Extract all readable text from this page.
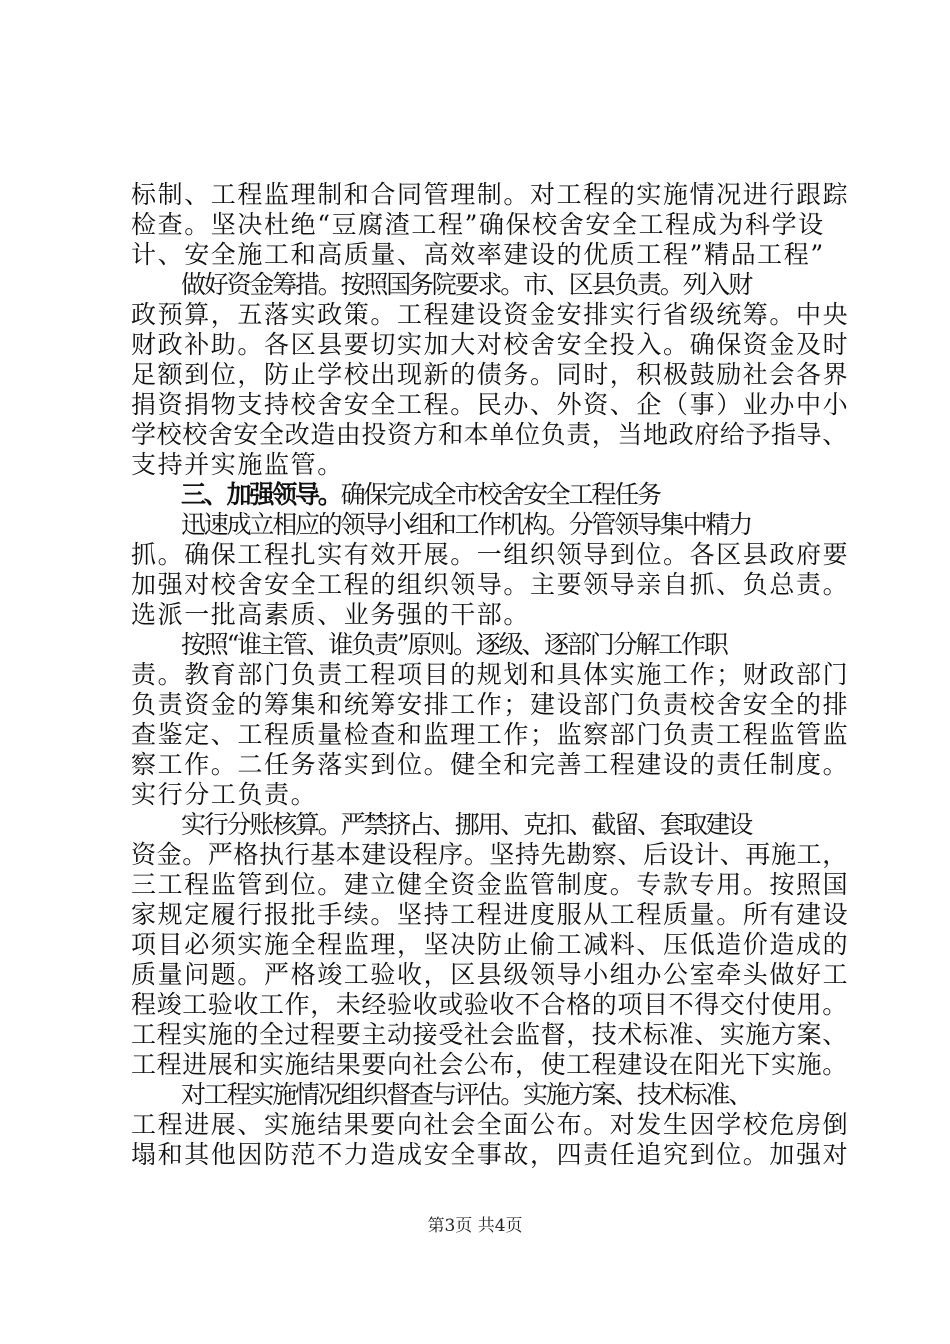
标制、工程监理制和合同管理制。对工程的实施情况进行跟踪
检查。坚决杜绝“豆腐渣工程”确保校舍安全工程成为科学设
计、安全施工和高质量、高效率建设的优质工程”精品工程”
做好资金筹措。按照国务院要求。市、区县负责。列入财
政预算，五落实政策。工程建设资金安排实行省级统筹。中央
财政补助。各区县要切实加大对校舍安全投入。确保资金及时
足额到位，防止学校出现新的债务。同时，积极鼓励社会各界
捐资捐物支持校舍安全工程。民办、外资、企（事）业办中小
学校校舍安全改造由投资方和本单位负责，当地政府给予指导、
支持并实施监管。
三、加强领导。确保完成全市校舍安全工程任务
迅速成立相应的领导小组和工作机构。分管领导集中精力
抓。确保工程扎实有效开展。一组织领导到位。各区县政府要
加强对校舍安全工程的组织领导。主要领导亲自抓、负总责。
选派一批高素质、业务强的干部。
按照“谁主管、谁负责”原则。逐级、逐部门分解工作职
责。教育部门负责工程项目的规划和具体实施工作；财政部门
负责资金的筹集和统筹安排工作；建设部门负责校舍安全的排
查鉴定、工程质量检查和监理工作；监察部门负责工程监管监
察工作。二任务落实到位。健全和完善工程建设的责任制度。
实行分工负责。
实行分账核算。严禁挤占、挪用、克扣、截留、套取建设
资金。严格执行基本建设程序。坚持先勘察、后设计、再施工，
三工程监管到位。建立健全资金监管制度。专款专用。按照国
家规定履行报批手续。坚持工程进度服从工程质量。所有建设
项目必须实施全程监理，坚决防止偷工减料、压低造价造成的
质量问题。严格竣工验收，区县级领导小组办公室牵头做好工
程竣工验收工作，未经验收或验收不合格的项目不得交付使用。
工程实施的全过程要主动接受社会监督，技术标准、实施方案、
工程进展和实施结果要向社会公布，使工程建设在阳光下实施。
对工程实施情况组织督查与评估。实施方案、技术标准、
工程进展、实施结果要向社会全面公布。对发生因学校危房倒
塌和其他因防范不力造成安全事故，四责任追究到位。加强对
第3页 共4页
